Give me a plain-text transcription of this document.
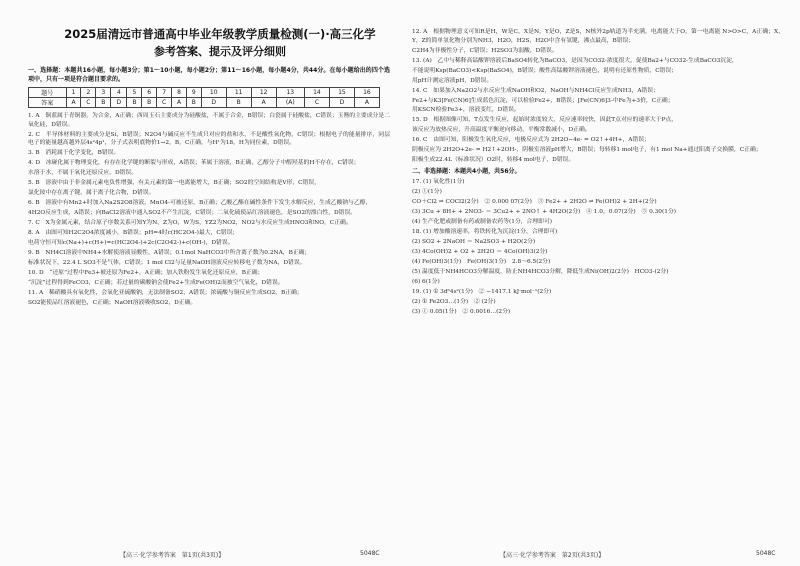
2025届清远市普通高中毕业年级教学质量检测(一)·高三化学
参考答案、提示及评分细则

一、选择题：本题共16小题，每小题3分；第1～10小题，每小题2分；第11～16小题，每小题4分，共44分。在每小题给出的四个选项中，只有一项是符合题目要求的。

题号	1	2	3	4	5	6	7	8	9	10	11	12	13	14	15	16
答案	A	C	B	D	B	B	C	A	B	D	B	A	(A)	C	D	A

1. A　铜蓝属于青铜器，为合金，A正确；西周玉石主要成分为硅酸盐，不属于合金，B错误；白瓷属于硅酸盐，C错误；玉簪的主要成分是二氧化硅，D错误。

2. C　半导体材料的主要成分是Si，B错误；N2O4与碱反应不生成只对应的盐和水，不是酸性氧化物，C错误；根据电子的能量排序，同层电子的能量越高越外层4s²4p¹，分子式表明底物价1→2，B，C正确，与H¹为18，H为同位素，D错误。

3. B　消耗属于化学变化，B错误。

4. D　冰碰化属于物理变化，有存在化学键的断裂与形成，A错误；苯属于溶液，B正确，乙醇分子中醇羟基的H不存在，C错误；

水溶于水，不属于氧化还原反应，D错误。

5. B　溶液中由于非金属元素电负性增强，有关元素的第一电离能增大，B正确；SO2的空间结构是V形，C错误，

氯化铵中存在离子键，属于离子化合物，D错误。

6. B　溶液中有Mn2+时加入Na2S2O8溶液，MnO4-可被还原，B正确；乙酸乙酯在碱性条件下发生水解反应，生成乙酸钠与乙醇，

4H2O反应生成，A错误；向BaCl2溶液中通入SO2不产生沉淀，C错误；二氧化硫使品红溶液褪色，是SO2的漂白性，D错误。

7. C　X为金属元素，结合原子序数关系可知Y为N，Z为O，W为S，YZ2为NO2，NO2与水反应生成HNO3和NO，C正确。

8. A　由图可知H2C2O4浓度减小，B错误；pH=4时c(HC2O4-)最大，C错误；

电荷守恒可知c(Na+)+c(H+)=c(HC2O4-)+2c(C2O42-)+c(OH-)，D错误。

9. B　NH4Cl溶液中NH4+水解使溶液显酸性，A错误；0.1mol NaHCO3中所含离子数为0.2NA，B正确；

标准状况下，22.4 L SO3不是气体，C错误；1 mol Cl2与足量NaOH溶液反应转移电子数为NA，D错误。

10. D　“还原”过程中Fe3+被还原为Fe2+，A正确；加入铁粉发生氧化还原反应，B正确；

“沉淀”过程得到FeCO3，C正确；若过量的碳酸钠会使Fe2+生成Fe(OH)2而被空气氧化，D错误。

11. A　稀硝酸具有氧化性，会氧化亚硫酸钠，无法制备SO2，A错误；浓硫酸与铜反应生成SO2，B正确；

SO2能使品红溶液褪色，C正确；NaOH溶液吸收SO2，D正确。

【高三·化学参考答案　第1页(共3页)】	5048C

12. A　根据物理意义可知R是H，W是C，X是N，Y是O，Z是S，N核外2p轨道为半充满，电离能大于O，第一电离能 N>O>C，A正确；X，Y，Z的简单氢化物分别为NH3，H2O，H2S，H2O中含有氢键，沸点最高，B错误；

C2H4为非极性分子，C错误；H2SO3为弱酸，D错误。

13. (A)　乙中与稀释高锰酸钾溶液后BaSO4转化为BaCO3，是因为CO32-浓度很大，促使Ba2+与CO32-生成BaCO3沉淀，

不能说明Ksp(BaCO3)<Ksp(BaSO4)，B错误；酸性高锰酸钾溶液褪色，说明有还原性物质，C错误；

用pH计测定溶液pH，D错误。

14. C　如果加入Na2O2与水反应生成NaOH和O2，NaOH与NH4Cl反应生成NH3，A错误；

Fe2+与K3[Fe(CN)6]生成蓝色沉淀，可以检验Fe2+，B错误；[Fe(CN)6]3-中Fe为+3价，C正确；

用KSCN检验Fe3+，溶液变红，D错误。

15. D　根据图像可知，T点发生反应，起始时浓度较大，反应速率较快，因此T点对应的速率大于P点，

该反应为放热反应，升高温度平衡逆向移动，平衡常数减小，D正确。

16. C　由图可知，阳极发生氧化反应，电极反应式为 2H2O−4e- = O2↑+4H+，A错误；

阴极反应为 2H2O+2e- = H2↑+2OH-，阴极室溶液pH增大，B错误；每转移1 mol电子，有1 mol Na+通过阳离子交换膜，C正确；

阳极生成22.4L（标准状况）O2时，转移4 mol电子，D错误。

二、非选择题：本题共4小题，共56分。

17. (1) 氧化性(1分)

(2) ①(1分)

CO＋Cl2 ⇌ COCl2(2分)　② 0.000 07(2分)　③ Fe2+ + 2H2O ⇌ Fe(OH)2 + 2H+(2分)

(3) 3Cu + 8H+ + 2NO3- ＝ 3Cu2+ + 2NO↑ + 4H2O(2分)　④ 1.0，0.07(2分)　⑤ 0.30(1分)

(4) 生产化肥或制备有药或制备农药等(1分，合理即可)

18. (1) 增加酸溶速率，将铁转化为沉淀(1分，合理即可)

(2) SO2 + 2NaOH ＝ Na2SO3 + H2O(2分)

(3) 4Co(OH)2 + O2 + 2H2O ＝ 4Co(OH)3(2分)

(4) Fe(OH)3(1分)　Fe(OH)3(1分)　2.8～6.5(2分)

(5) 温度低于NH4HCO3分解温度，防止NH4HCO3分解，降低生成Ni(OH)2(2分)　HCO3-(2分)

(6) 6(1分)

19. (1) ① 3d⁶4s²(1分)　② −1417.1 kJ·mol⁻¹(2分)

(2) ① Fe2O3…(1分)　② (2分)

(3) ① 0.05(1分)　② 0.0016…(2分)

【高三·化学参考答案　第2页(共3页)】	5048C
